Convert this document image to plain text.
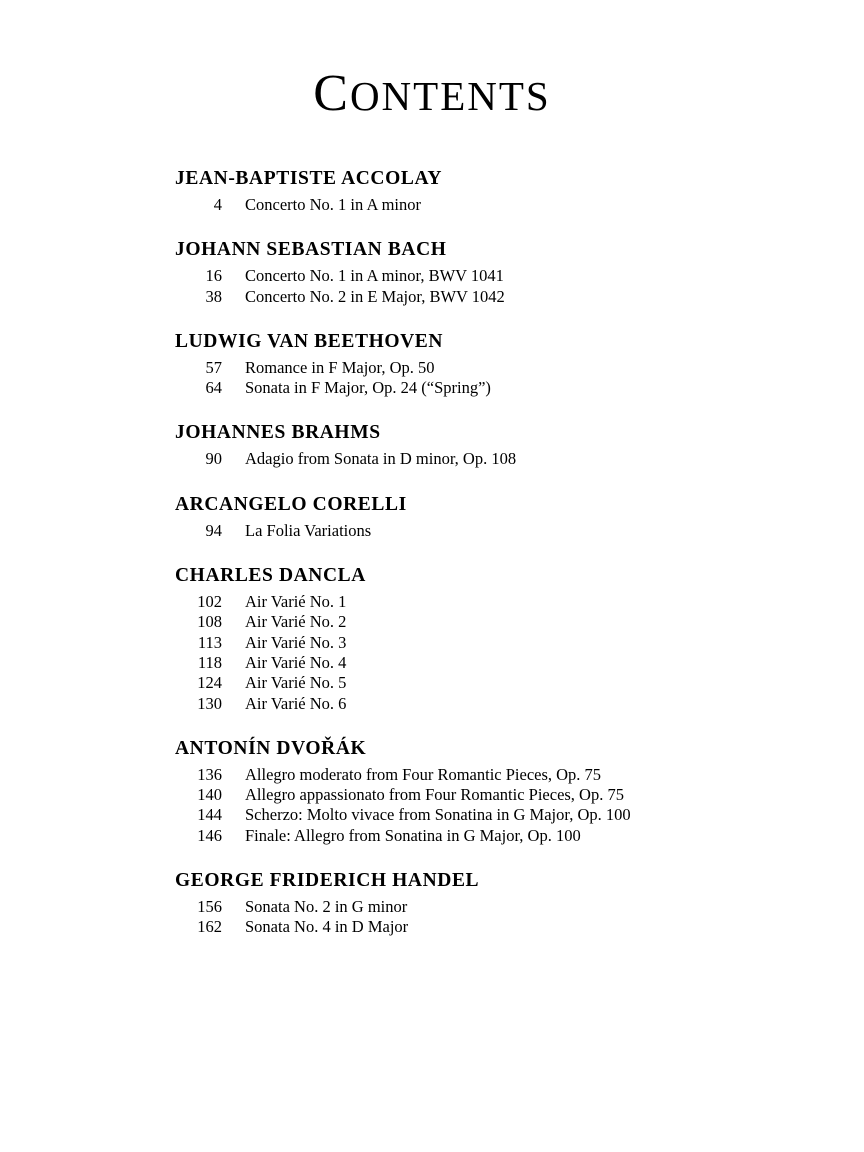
CONTENTS
JEAN-BAPTISTE ACCOLAY
4	Concerto No. 1 in A minor
JOHANN SEBASTIAN BACH
16	Concerto No. 1 in A minor, BWV 1041
38	Concerto No. 2 in E Major, BWV 1042
LUDWIG VAN BEETHOVEN
57	Romance in F Major, Op. 50
64	Sonata in F Major, Op. 24 (“Spring”)
JOHANNES BRAHMS
90	Adagio from Sonata in D minor, Op. 108
ARCANGELO CORELLI
94	La Folia Variations
CHARLES DANCLA
102	Air Varié No. 1
108	Air Varié No. 2
113	Air Varié No. 3
118	Air Varié No. 4
124	Air Varié No. 5
130	Air Varié No. 6
ANTONÍN DVOŘÁK
136	Allegro moderato from Four Romantic Pieces, Op. 75
140	Allegro appassionato from Four Romantic Pieces, Op. 75
144	Scherzo: Molto vivace from Sonatina in G Major, Op. 100
146	Finale: Allegro from Sonatina in G Major, Op. 100
GEORGE FRIDERICH HANDEL
156	Sonata No. 2 in G minor
162	Sonata No. 4 in D Major
